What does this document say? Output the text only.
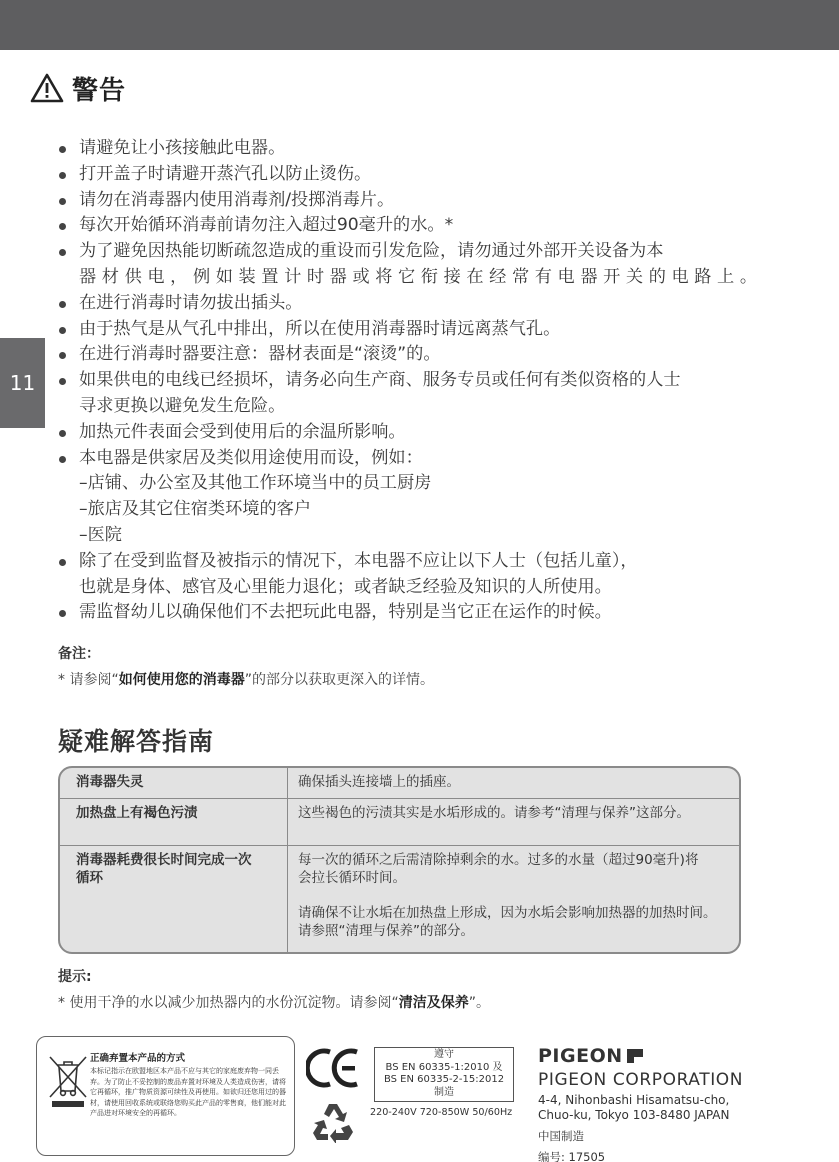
11
警告
请避免让小孩接触此电器。
打开盖子时请避开蒸汽孔以防止烫伤。
请勿在消毒器内使用消毒剂/投掷消毒片。
每次开始循环消毒前请勿注入超过90毫升的水。*
为了避免因热能切断疏忽造成的重设而引发危险，请勿通过外部开关设备为本
器材供电，例如装置计时器或将它衔接在经常有电器开关的电路上。
在进行消毒时请勿拔出插头。
由于热气是从气孔中排出，所以在使用消毒器时请远离蒸气孔。
在进行消毒时器要注意：器材表面是“滚烫”的。
如果供电的电线已经损坏，请务必向生产商、服务专员或任何有类似资格的人士
寻求更换以避免发生危险。
加热元件表面会受到使用后的余温所影响。
本电器是供家居及类似用途使用而设，例如：
–店铺、办公室及其他工作环境当中的员工厨房
–旅店及其它住宿类环境的客户
–医院
除了在受到监督及被指示的情况下，本电器不应让以下人士（包括儿童），
也就是身体、感官及心里能力退化；或者缺乏经验及知识的人所使用。
需监督幼儿以确保他们不去把玩此电器，特别是当它正在运作的时候。
备注：
* 请参阅“如何使用您的消毒器”的部分以获取更深入的详情。
疑难解答指南
消毒器失灵	确保插头连接墙上的插座。

加热盘上有褐色污渍	这些褐色的污渍其实是水垢形成的。请参考“清理与保养”这部分。

消毒器耗费很长时间完成一次循环

每一次的循环之后需清除掉剩余的水。过多的水量（超过90毫升)将会拉长循环时间。

请确保不让水垢在加热盘上形成，因为水垢会影响加热器的加热时间。请参照“清理与保养”的部分。

提示:
* 使用干净的水以减少加热器内的水份沉淀物。请参阅“清洁及保养”。
正确弃置本产品的方式
本标记指示在欧盟地区本产品不应与其它的家庭废弃物一同丢弃。为了防止不妥控制的废品弃置对环境及人类造成伤害，请将它再循环，推广物质资源可续性及再使用。如欲归还您用过的器材，请使用回收系统或联络您购买此产品的零售商，他们能对此产品进对环境安全的再循环。
遵守
BS EN 60335-1:2010 及
BS EN 60335-2-15:2012
制造
220-240V 720-850W 50/60Hz
PIGEON
PIGEON CORPORATION
4-4, Nihonbashi Hisamatsu-cho,
Chuo-ku, Tokyo 103-8480 JAPAN
中国制造
编号: 17505
